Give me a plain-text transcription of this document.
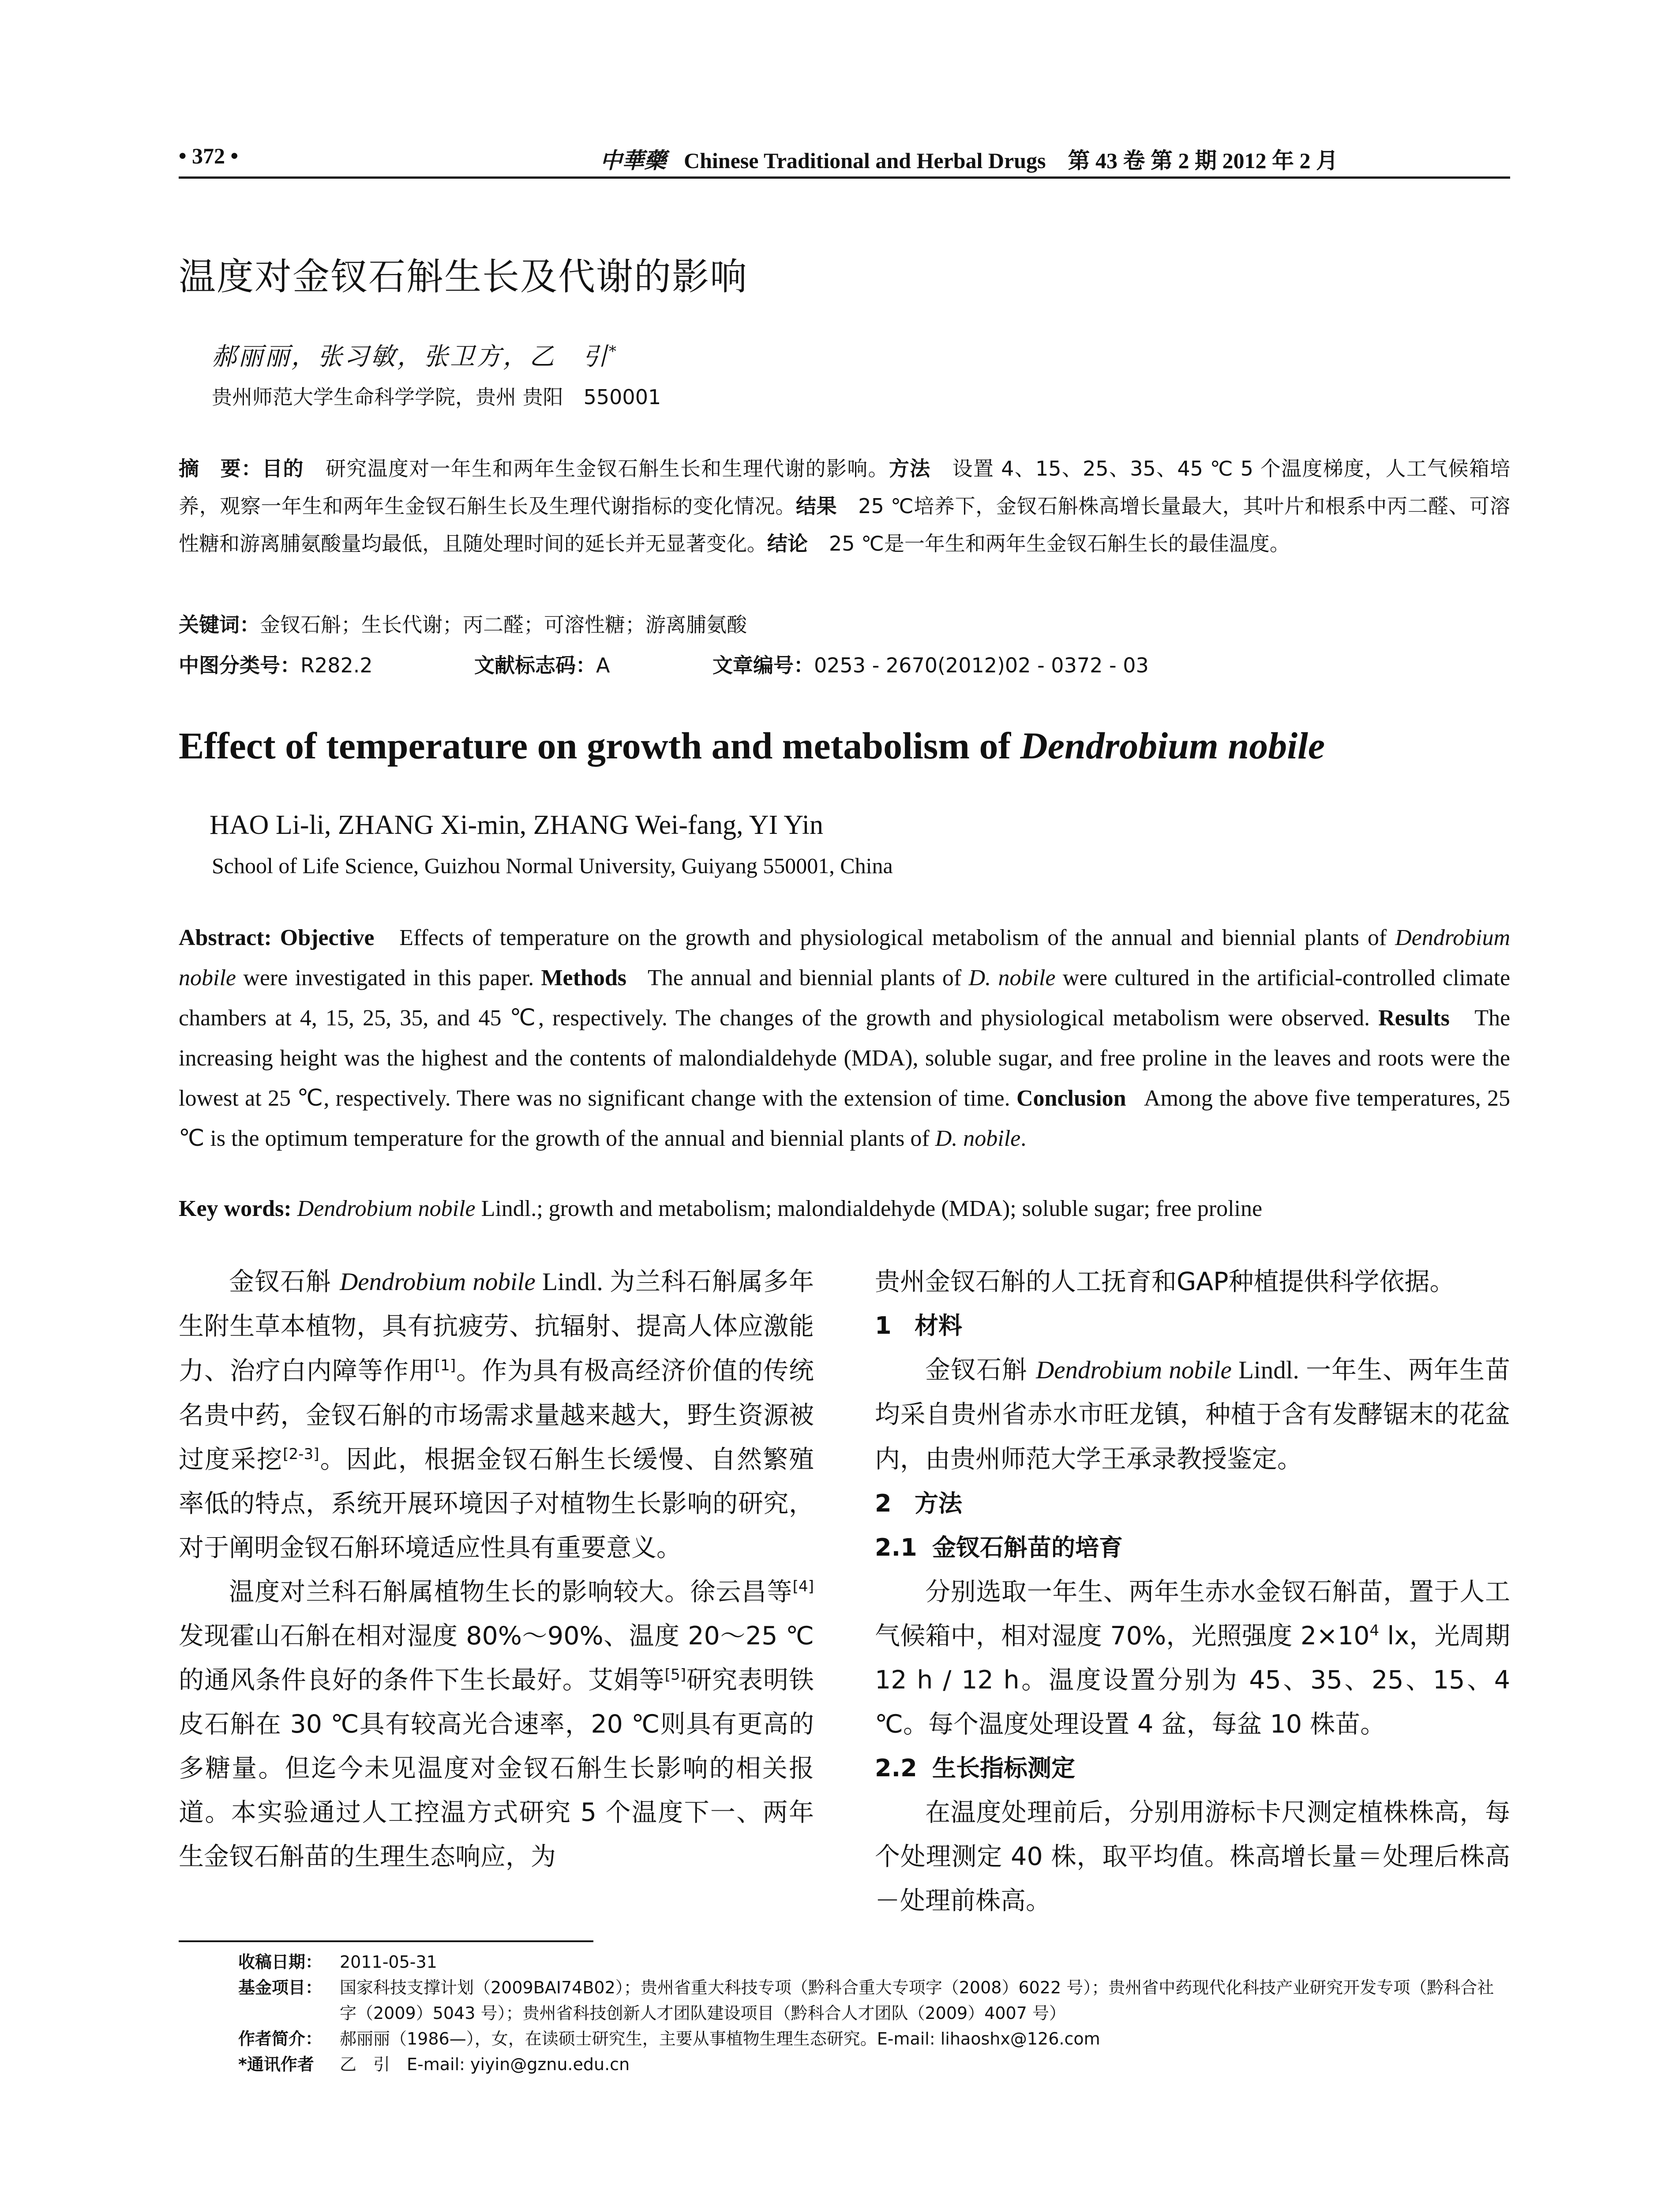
• 372 •	中華藥 Chinese Traditional and Herbal Drugs　第 43 卷 第 2 期 2012 年 2 月
温度对金钗石斛生长及代谢的影响
郝丽丽，张习敏，张卫方，乙　引*
贵州师范大学生命科学学院，贵州 贵阳　550001
摘　要：目的 研究温度对一年生和两年生金钗石斛生长和生理代谢的影响。方法 设置 4、15、25、35、45 ℃ 5 个温度梯度，人工气候箱培养，观察一年生和两年生金钗石斛生长及生理代谢指标的变化情况。结果 25 ℃培养下，金钗石斛株高增长量最大，其叶片和根系中丙二醛、可溶性糖和游离脯氨酸量均最低，且随处理时间的延长并无显著变化。结论 25 ℃是一年生和两年生金钗石斛生长的最佳温度。
关键词：金钗石斛；生长代谢；丙二醛；可溶性糖；游离脯氨酸
中图分类号：R282.2	文献标志码：A	文章编号：0253 - 2670(2012)02 - 0372 - 03
Effect of temperature on growth and metabolism of Dendrobium nobile
HAO Li-li, ZHANG Xi-min, ZHANG Wei-fang, YI Yin
School of Life Science, Guizhou Normal University, Guiyang 550001, China
Abstract: Objective Effects of temperature on the growth and physiological metabolism of the annual and biennial plants of Dendrobium nobile were investigated in this paper. Methods The annual and biennial plants of D. nobile were cultured in the artificial-controlled climate chambers at 4, 15, 25, 35, and 45 ℃, respectively. The changes of the growth and physiological metabolism were observed. Results The increasing height was the highest and the contents of malondialdehyde (MDA), soluble sugar, and free proline in the leaves and roots were the lowest at 25 ℃, respectively. There was no significant change with the extension of time. Conclusion Among the above five temperatures, 25 ℃ is the optimum temperature for the growth of the annual and biennial plants of D. nobile.
Key words: Dendrobium nobile Lindl.; growth and metabolism; malondialdehyde (MDA); soluble sugar; free proline

金钗石斛 Dendrobium nobile Lindl. 为兰科石斛属多年生附生草本植物，具有抗疲劳、抗辐射、提高人体应激能力、治疗白内障等作用[1]。作为具有极高经济价值的传统名贵中药，金钗石斛的市场需求量越来越大，野生资源被过度采挖[2-3]。因此，根据金钗石斛生长缓慢、自然繁殖率低的特点，系统开展环境因子对植物生长影响的研究，对于阐明金钗石斛环境适应性具有重要意义。

温度对兰科石斛属植物生长的影响较大。徐云昌等[4]发现霍山石斛在相对湿度 80%～90%、温度 20～25 ℃的通风条件良好的条件下生长最好。艾娟等[5]研究表明铁皮石斛在 30 ℃具有较高光合速率，20 ℃则具有更高的多糖量。但迄今未见温度对金钗石斛生长影响的相关报道。本实验通过人工控温方式研究 5 个温度下一、两年生金钗石斛苗的生理生态响应，为

贵州金钗石斛的人工抚育和GAP种植提供科学依据。

1 材料

金钗石斛 Dendrobium nobile Lindl. 一年生、两年生苗均采自贵州省赤水市旺龙镇，种植于含有发酵锯末的花盆内，由贵州师范大学王承录教授鉴定。

2 方法
2.1 金钗石斛苗的培育

分别选取一年生、两年生赤水金钗石斛苗，置于人工气候箱中，相对湿度 70%，光照强度 $2\times 10^4$ lx，光周期 12 h / 12 h。温度设置分别为 45、35、25、15、4 ℃。每个温度处理设置 4 盆，每盆 10 株苗。

2.2 生长指标测定

在温度处理前后，分别用游标卡尺测定植株株高，每个处理测定 40 株，取平均值。株高增长量＝处理后株高－处理前株高。

收稿日期： 2011-05-31
基金项目： 国家科技支撑计划（2009BAI74B02）；贵州省重大科技专项（黔科合重大专项字（2008）6022 号）；贵州省中药现代化科技产业研究开发专项（黔科合社字（2009）5043 号）；贵州省科技创新人才团队建设项目（黔科合人才团队（2009）4007 号）
作者简介： 郝丽丽（1986—），女，在读硕士研究生，主要从事植物生理生态研究。E-mail: lihaoshx@126.com
*通讯作者 乙　引　E-mail: yiyin@gznu.edu.cn
